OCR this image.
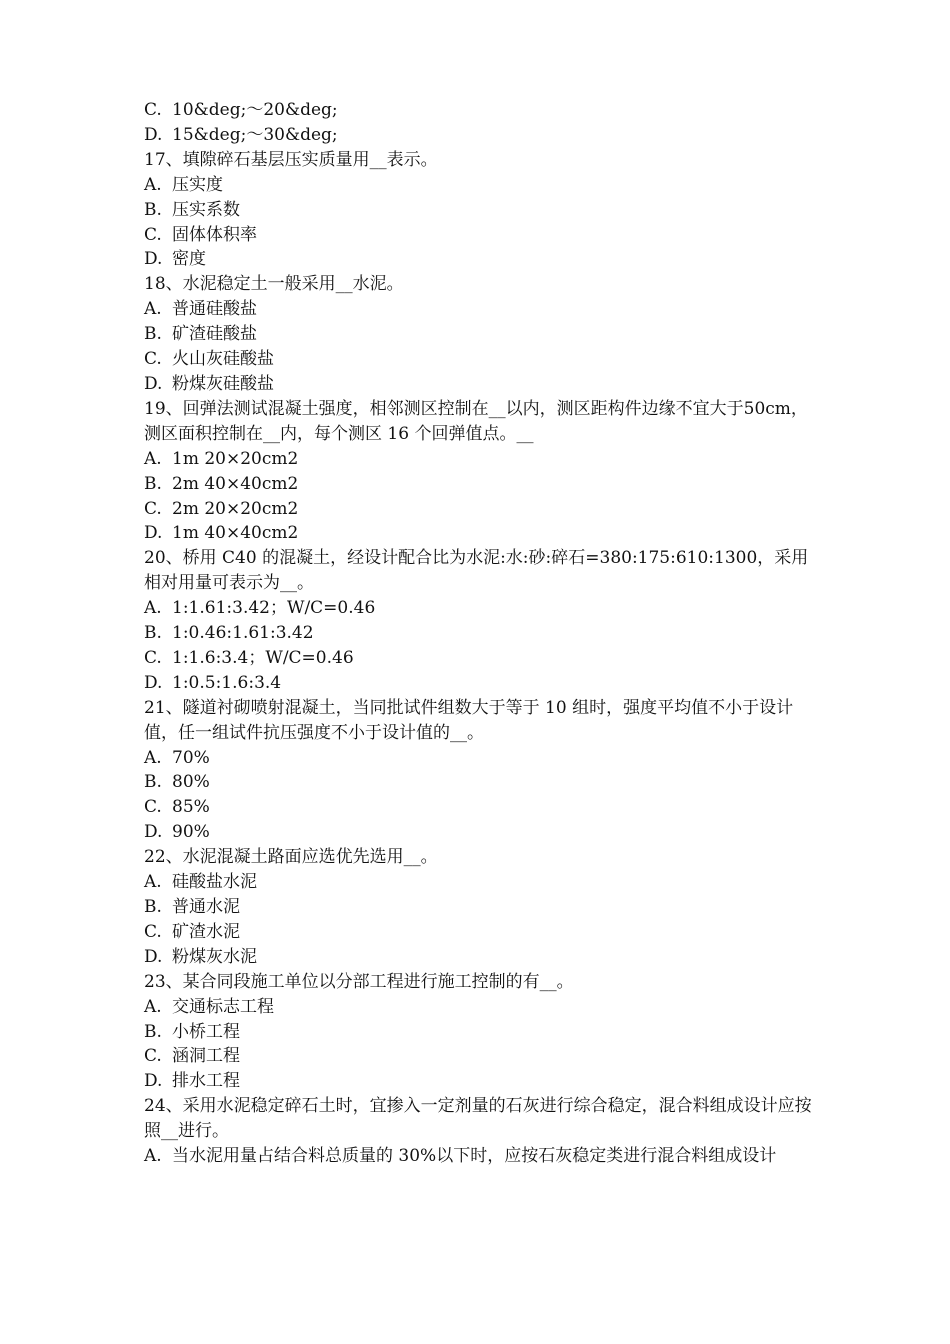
C. 10&deg;～20&deg;
D. 15&deg;～30&deg;
17、填隙碎石基层压实质量用__表示。
A. 压实度
B. 压实系数
C. 固体体积率
D. 密度
18、水泥稳定土一般采用__水泥。
A. 普通硅酸盐
B. 矿渣硅酸盐
C. 火山灰硅酸盐
D. 粉煤灰硅酸盐
19、回弹法测试混凝土强度，相邻测区控制在__以内，测区距构件边缘不宜大于50cm，测区面积控制在__内，每个测区 16 个回弹值点。__
A. 1m 20×20cm2
B. 2m 40×40cm2
C. 2m 20×20cm2
D. 1m 40×40cm2
20、桥用 C40 的混凝土，经设计配合比为水泥:水:砂:碎石=380:175:610:1300，采用相对用量可表示为__。
A. 1:1.61:3.42；W/C=0.46
B. 1:0.46:1.61:3.42
C. 1:1.6:3.4；W/C=0.46
D. 1:0.5:1.6:3.4
21、隧道衬砌喷射混凝土，当同批试件组数大于等于 10 组时，强度平均值不小于设计值，任一组试件抗压强度不小于设计值的__。
A. 70%
B. 80%
C. 85%
D. 90%
22、水泥混凝土路面应选优先选用__。
A. 硅酸盐水泥
B. 普通水泥
C. 矿渣水泥
D. 粉煤灰水泥
23、某合同段施工单位以分部工程进行施工控制的有__。
A. 交通标志工程
B. 小桥工程
C. 涵洞工程
D. 排水工程
24、采用水泥稳定碎石土时，宜掺入一定剂量的石灰进行综合稳定，混合料组成设计应按照__进行。
A. 当水泥用量占结合料总质量的 30%以下时，应按石灰稳定类进行混合料组成设计
